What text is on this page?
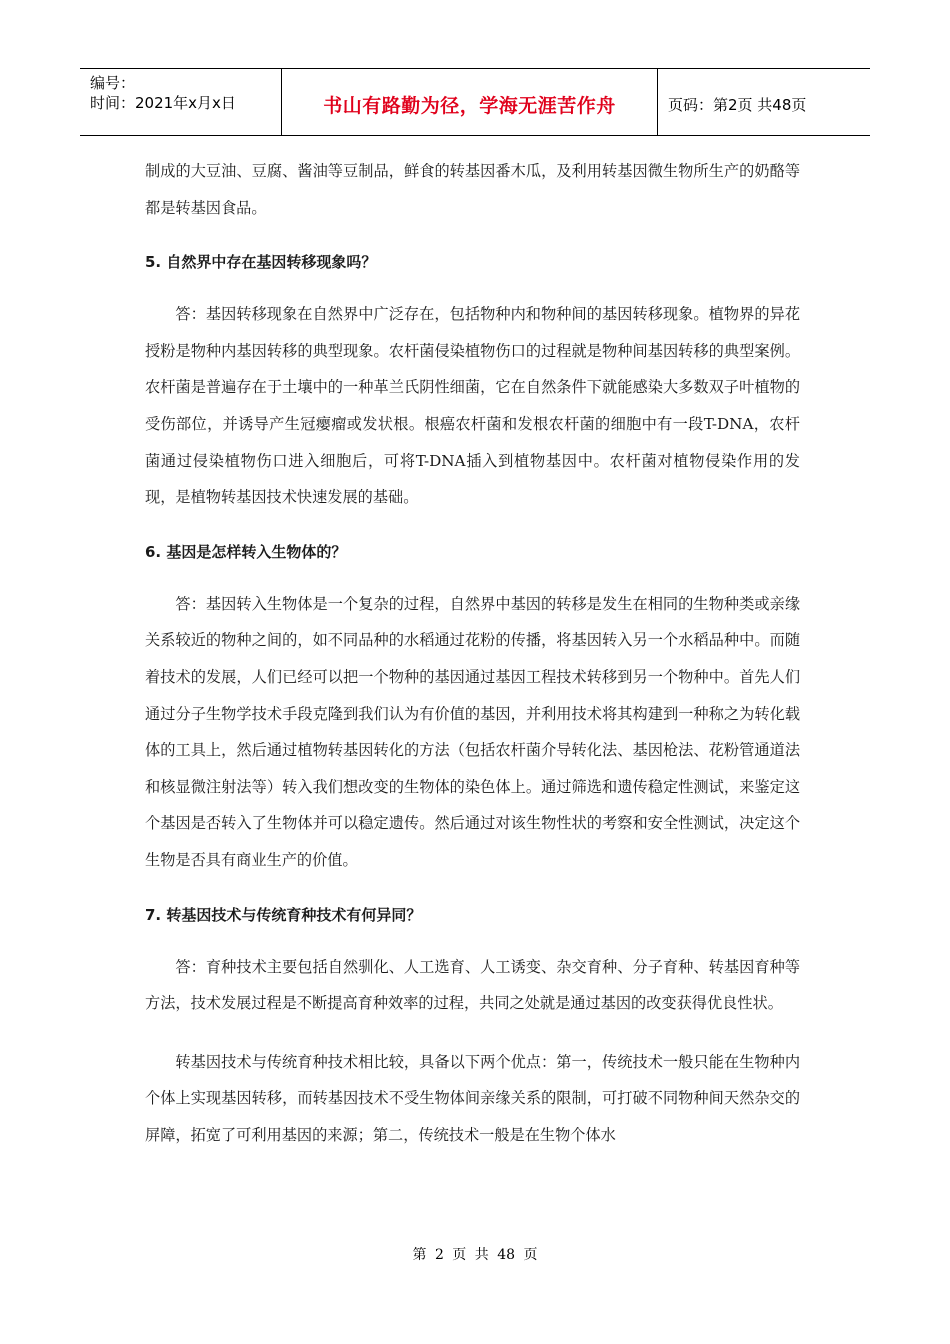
编号：
时间：2021年x月x日	书山有路勤为径，学海无涯苦作舟	页码：第2页 共48页

制成的大豆油、豆腐、酱油等豆制品，鲜食的转基因番木瓜，及利用转基因微生物所生产的奶酪等都是转基因食品。

5. 自然界中存在基因转移现象吗？

答：基因转移现象在自然界中广泛存在，包括物种内和物种间的基因转移现象。植物界的异花授粉是物种内基因转移的典型现象。农杆菌侵染植物伤口的过程就是物种间基因转移的典型案例。农杆菌是普遍存在于土壤中的一种革兰氏阴性细菌，它在自然条件下就能感染大多数双子叶植物的受伤部位，并诱导产生冠瘿瘤或发状根。根癌农杆菌和发根农杆菌的细胞中有一段T-DNA，农杆菌通过侵染植物伤口进入细胞后，可将T-DNA插入到植物基因中。农杆菌对植物侵染作用的发现，是植物转基因技术快速发展的基础。

6. 基因是怎样转入生物体的？

答：基因转入生物体是一个复杂的过程，自然界中基因的转移是发生在相同的生物种类或亲缘关系较近的物种之间的，如不同品种的水稻通过花粉的传播，将基因转入另一个水稻品种中。而随着技术的发展，人们已经可以把一个物种的基因通过基因工程技术转移到另一个物种中。首先人们通过分子生物学技术手段克隆到我们认为有价值的基因，并利用技术将其构建到一种称之为转化载体的工具上，然后通过植物转基因转化的方法（包括农杆菌介导转化法、基因枪法、花粉管通道法和核显微注射法等）转入我们想改变的生物体的染色体上。通过筛选和遗传稳定性测试，来鉴定这个基因是否转入了生物体并可以稳定遗传。然后通过对该生物性状的考察和安全性测试，决定这个生物是否具有商业生产的价值。

7. 转基因技术与传统育种技术有何异同？

答：育种技术主要包括自然驯化、人工选育、人工诱变、杂交育种、分子育种、转基因育种等方法，技术发展过程是不断提高育种效率的过程，共同之处就是通过基因的改变获得优良性状。

转基因技术与传统育种技术相比较，具备以下两个优点：第一，传统技术一般只能在生物种内个体上实现基因转移，而转基因技术不受生物体间亲缘关系的限制，可打破不同物种间天然杂交的屏障，拓宽了可利用基因的来源；第二，传统技术一般是在生物个体水

第 2 页 共 48 页
